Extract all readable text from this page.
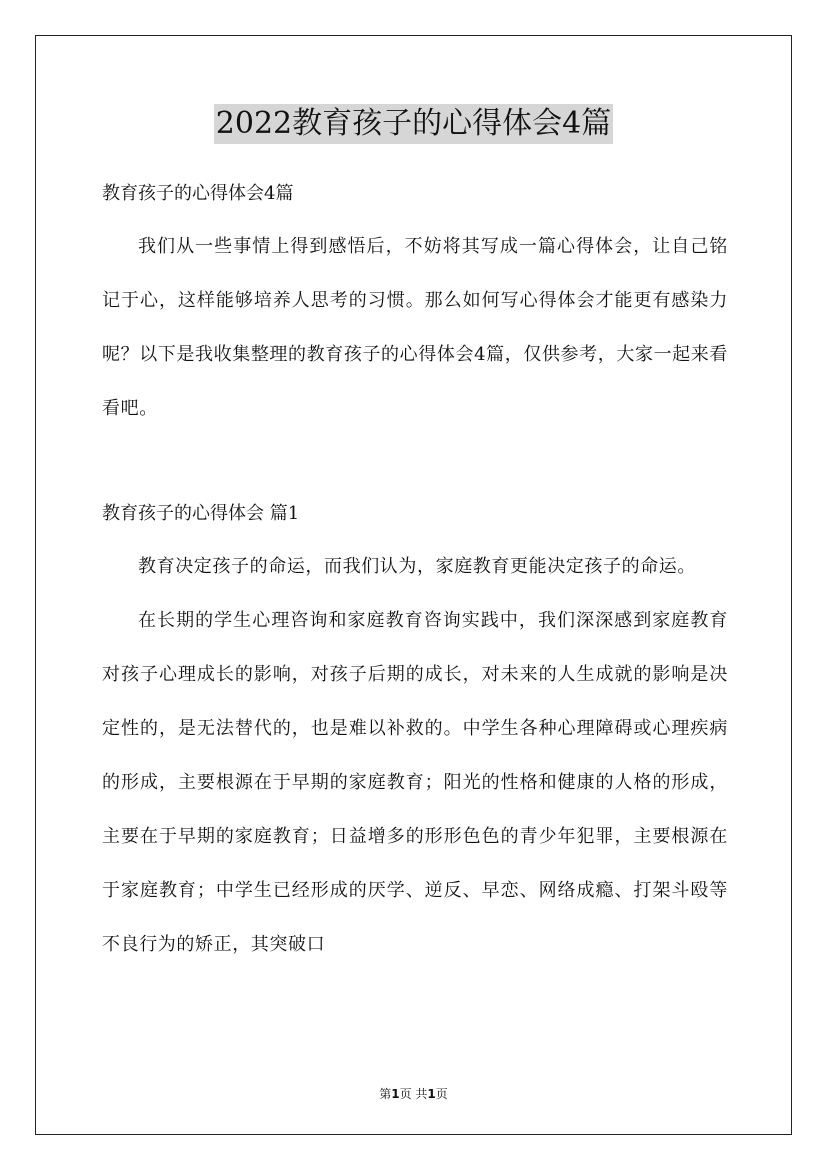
2022教育孩子的心得体会4篇

教育孩子的心得体会4篇

我们从一些事情上得到感悟后，不妨将其写成一篇心得体会，让自己铭记于心，这样能够培养人思考的习惯。那么如何写心得体会才能更有感染力呢？以下是我收集整理的教育孩子的心得体会4篇，仅供参考，大家一起来看看吧。

教育孩子的心得体会 篇1

教育决定孩子的命运，而我们认为，家庭教育更能决定孩子的命运。

在长期的学生心理咨询和家庭教育咨询实践中，我们深深感到家庭教育对孩子心理成长的影响，对孩子后期的成长，对未来的人生成就的影响是决定性的，是无法替代的，也是难以补救的。中学生各种心理障碍或心理疾病的形成，主要根源在于早期的家庭教育；阳光的性格和健康的人格的形成，主要在于早期的家庭教育；日益增多的形形色色的青少年犯罪，主要根源在于家庭教育；中学生已经形成的厌学、逆反、早恋、网络成瘾、打架斗殴等不良行为的矫正，其突破口

第1页 共1页
